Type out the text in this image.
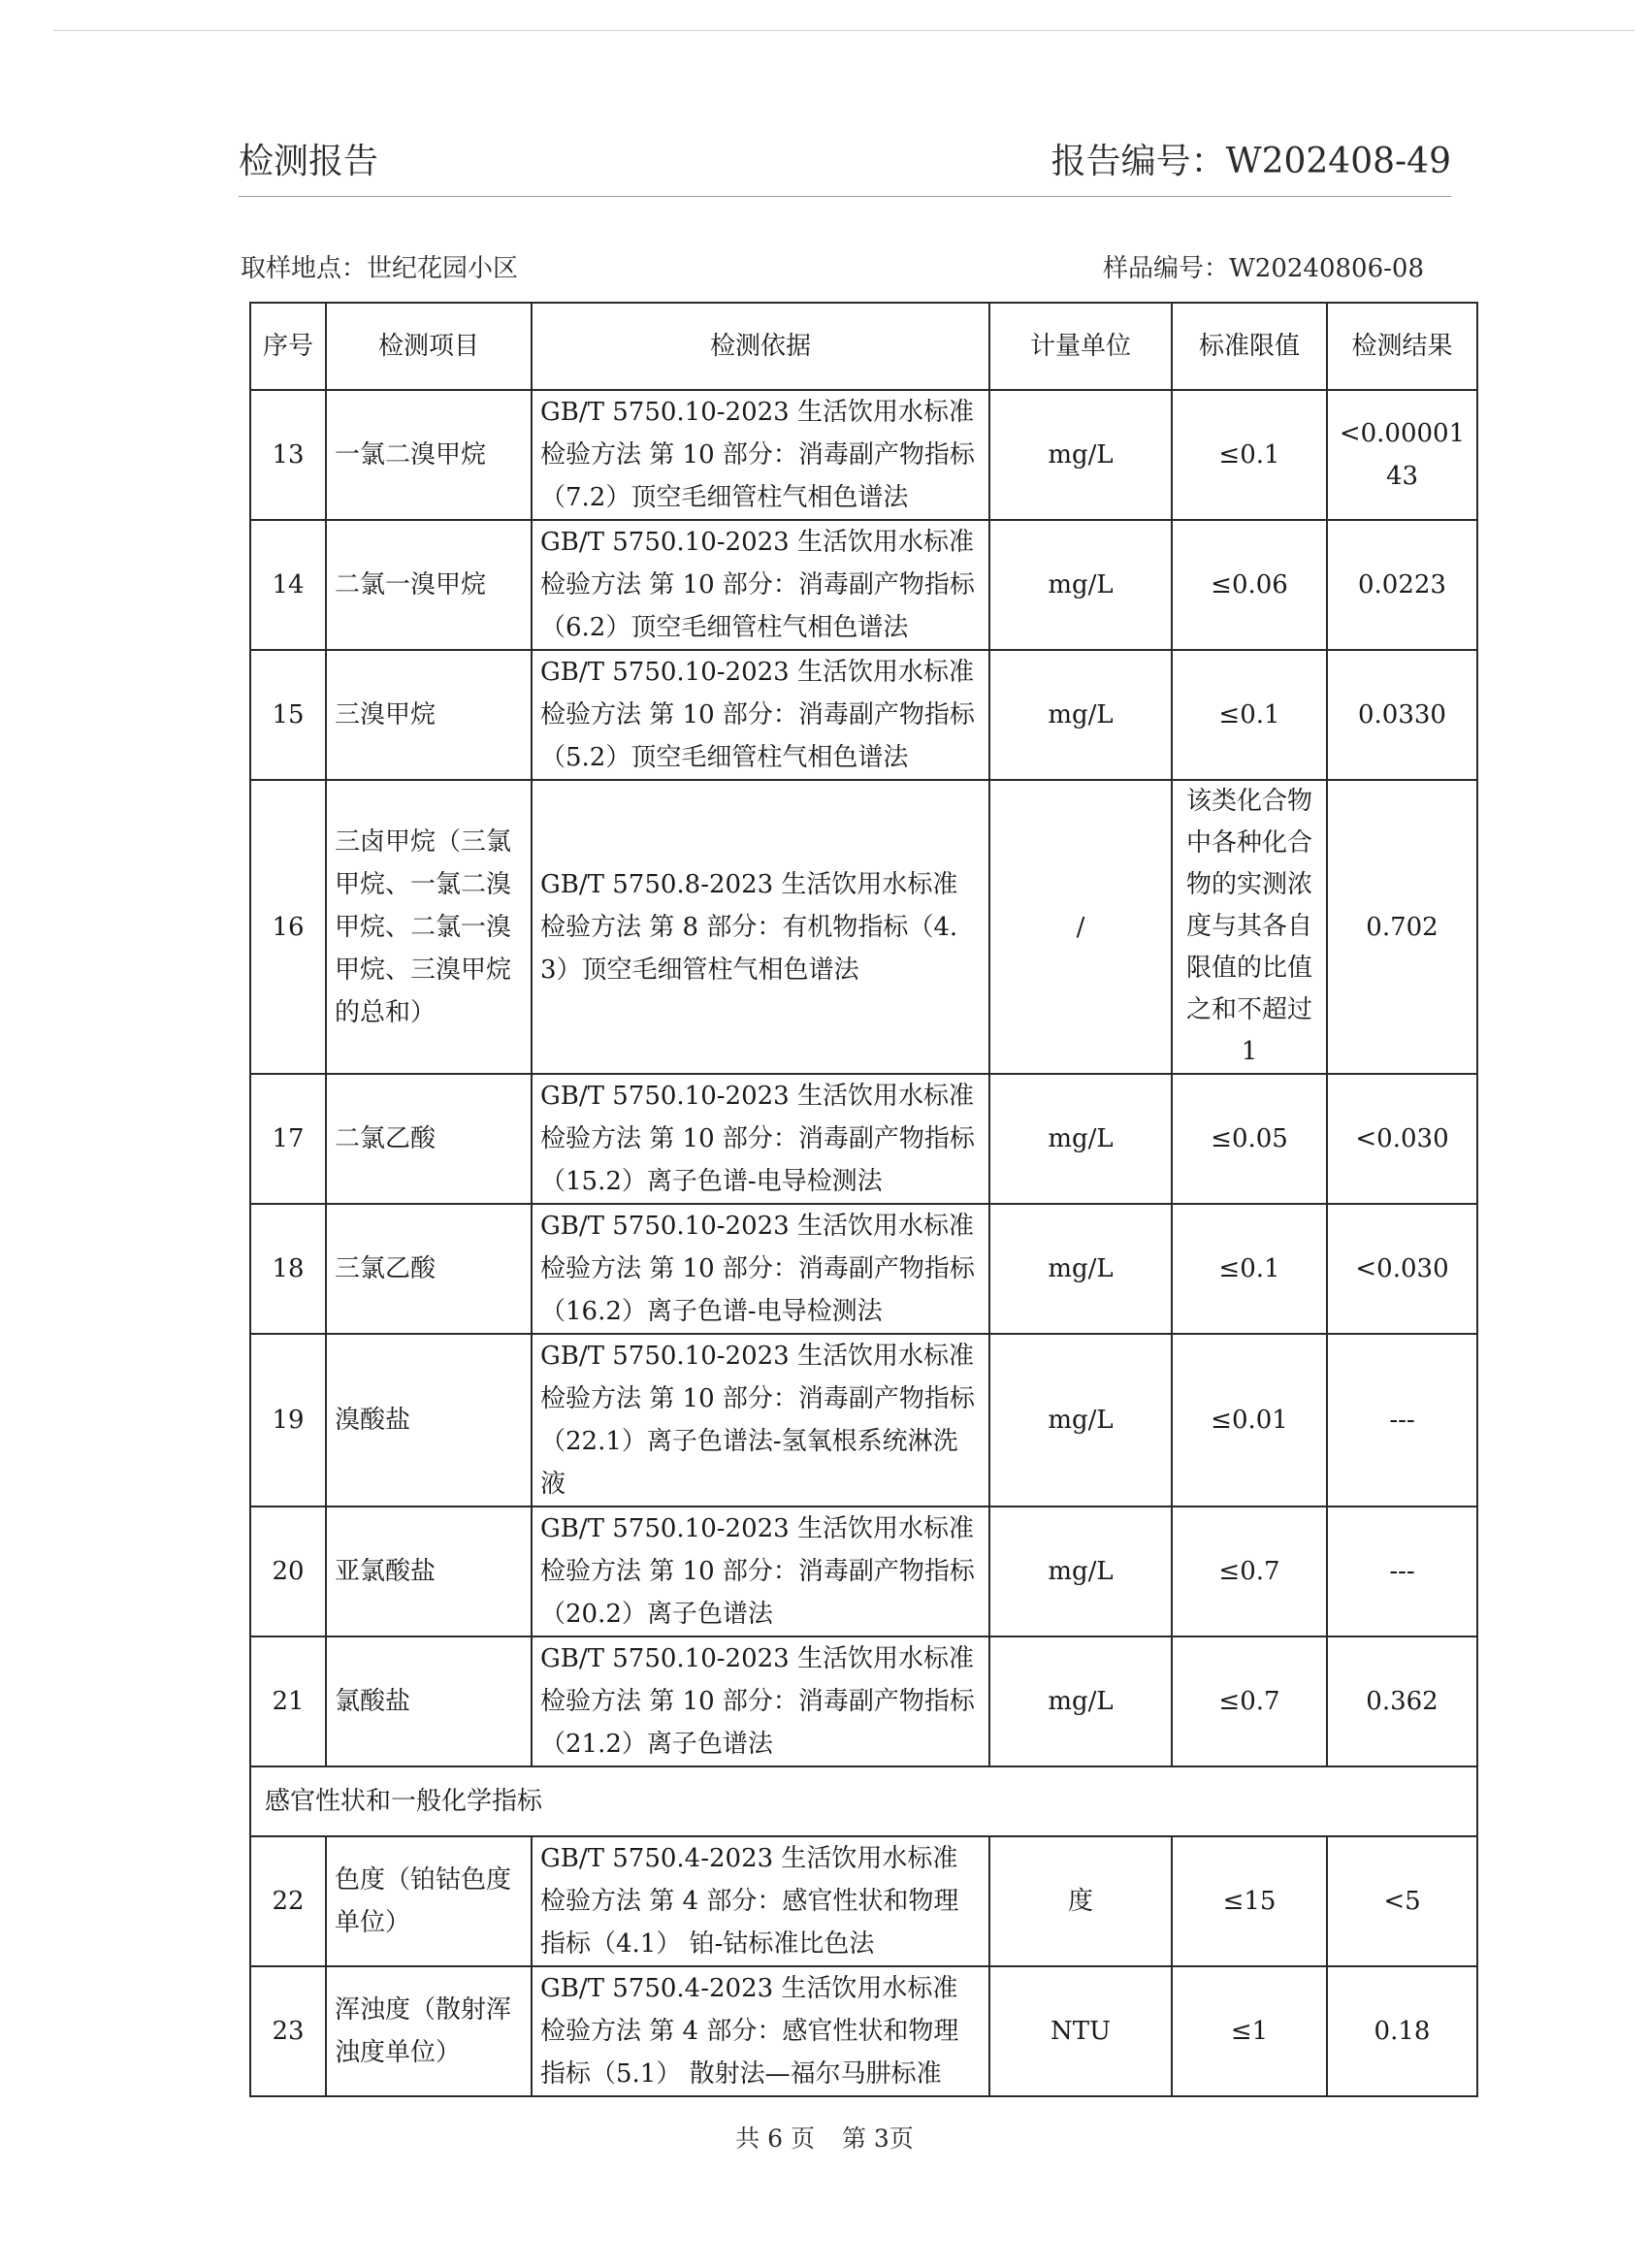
检测报告	报告编号：W202408-49
取样地点：世纪花园小区	样品编号：W20240806-08
序号	检测项目	检测依据	计量单位	标准限值	检测结果
13	一氯二溴甲烷	GB/T 5750.10-2023 生活饮用水标准检验方法 第 10 部分：消毒副产物指标（7.2）顶空毛细管柱气相色谱法	mg/L	≤0.1	<0.0000143
14	二氯一溴甲烷	GB/T 5750.10-2023 生活饮用水标准检验方法 第 10 部分：消毒副产物指标（6.2）顶空毛细管柱气相色谱法	mg/L	≤0.06	0.0223
15	三溴甲烷	GB/T 5750.10-2023 生活饮用水标准检验方法 第 10 部分：消毒副产物指标（5.2）顶空毛细管柱气相色谱法	mg/L	≤0.1	0.0330
16	三卤甲烷（三氯甲烷、一氯二溴甲烷、二氯一溴甲烷、三溴甲烷的总和）	GB/T 5750.8-2023 生活饮用水标准检验方法 第 8 部分：有机物指标（4.3）顶空毛细管柱气相色谱法	/	该类化合物中各种化合物的实测浓度与其各自限值的比值之和不超过1	0.702
17	二氯乙酸	GB/T 5750.10-2023 生活饮用水标准检验方法 第 10 部分：消毒副产物指标（15.2）离子色谱-电导检测法	mg/L	≤0.05	<0.030
18	三氯乙酸	GB/T 5750.10-2023 生活饮用水标准检验方法 第 10 部分：消毒副产物指标（16.2）离子色谱-电导检测法	mg/L	≤0.1	<0.030
19	溴酸盐	GB/T 5750.10-2023 生活饮用水标准检验方法 第 10 部分：消毒副产物指标（22.1）离子色谱法-氢氧根系统淋洗液	mg/L	≤0.01	---
20	亚氯酸盐	GB/T 5750.10-2023 生活饮用水标准检验方法 第 10 部分：消毒副产物指标（20.2）离子色谱法	mg/L	≤0.7	---
21	氯酸盐	GB/T 5750.10-2023 生活饮用水标准检验方法 第 10 部分：消毒副产物指标（21.2）离子色谱法	mg/L	≤0.7	0.362
感官性状和一般化学指标					
22	色度（铂钴色度单位）	GB/T 5750.4-2023 生活饮用水标准检验方法 第 4 部分：感官性状和物理指标（4.1） 铂-钴标准比色法	度	≤15	<5
23	浑浊度（散射浑浊度单位）	GB/T 5750.4-2023 生活饮用水标准检验方法 第 4 部分：感官性状和物理指标（5.1） 散射法—福尔马肼标准	NTU	≤1	0.18
共 6 页 第 3页
